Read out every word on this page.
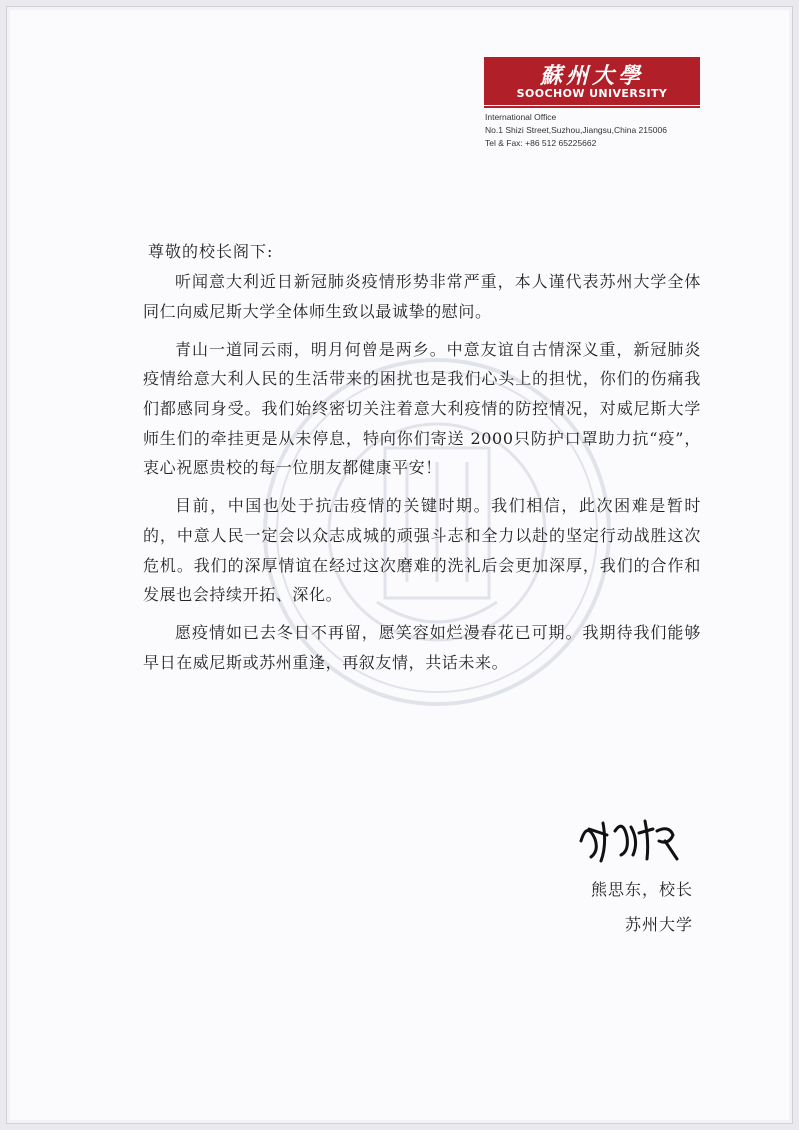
蘇州大學
SOOCHOW UNIVERSITY
International Office
No.1 Shizi Street,Suzhou,Jiangsu,China 215006
Tel & Fax: +86 512 65225662
尊敬的校长阁下:

听闻意大利近日新冠肺炎疫情形势非常严重，本人谨代表苏州大学全体同仁向威尼斯大学全体师生致以最诚挚的慰问。

青山一道同云雨，明月何曾是两乡。中意友谊自古情深义重，新冠肺炎疫情给意大利人民的生活带来的困扰也是我们心头上的担忧，你们的伤痛我们都感同身受。我们始终密切关注着意大利疫情的防控情况，对威尼斯大学师生们的牵挂更是从未停息，特向你们寄送 2000只防护口罩助力抗“疫”，衷心祝愿贵校的每一位朋友都健康平安！

目前，中国也处于抗击疫情的关键时期。我们相信，此次困难是暂时的，中意人民一定会以众志成城的顽强斗志和全力以赴的坚定行动战胜这次危机。我们的深厚情谊在经过这次磨难的洗礼后会更加深厚，我们的合作和发展也会持续开拓、深化。

愿疫情如已去冬日不再留，愿笑容如烂漫春花已可期。我期待我们能够早日在威尼斯或苏州重逢，再叙友情，共话未来。

熊思东，校长
苏州大学
